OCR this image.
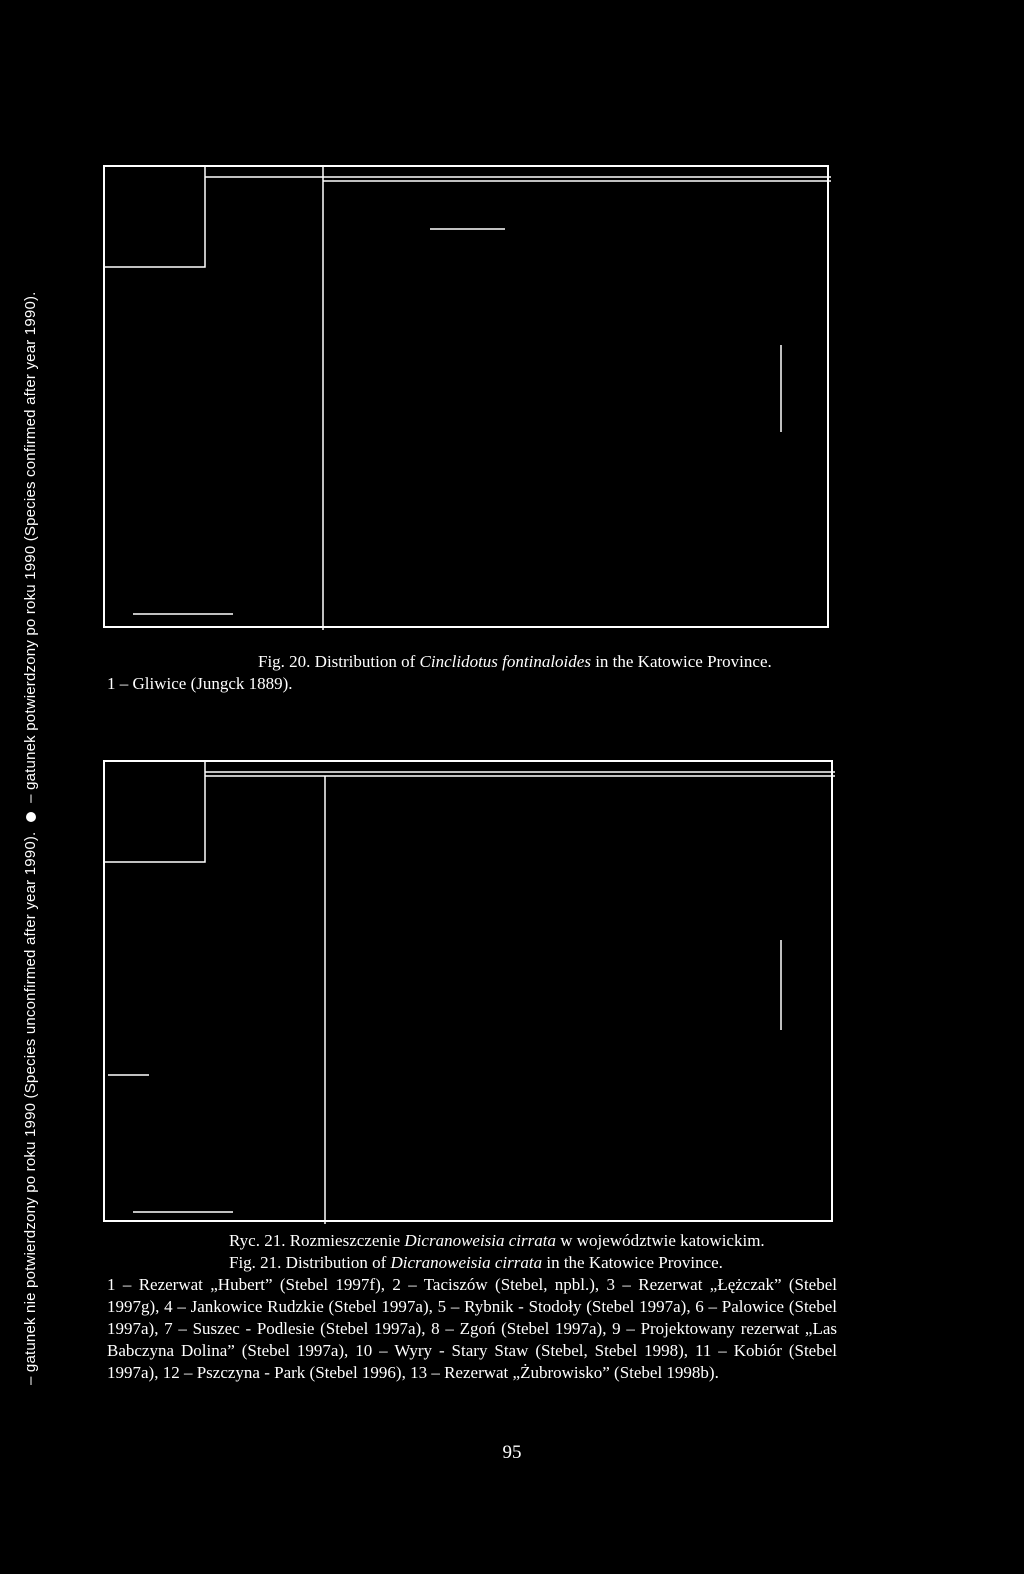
– gatunek nie potwierdzony po roku 1990 (Species unconfirmed after year 1990).  – gatunek potwierdzony po roku 1990 (Species confirmed after year 1990).	Fig. 20. Distribution of Cinclidotus fontinaloides in the Katowice Province.
1 – Gliwice (Jungck 1889).
Ryc. 21. Rozmieszczenie Dicranoweisia cirrata w województwie katowickim.
Fig. 21. Distribution of Dicranoweisia cirrata in the Katowice Province.
1 – Rezerwat „Hubert” (Stebel 1997f), 2 – Taciszów (Stebel, npbl.), 3 – Rezerwat „Łężczak” (Stebel 1997g), 4 – Jankowice Rudzkie (Stebel 1997a), 5 – Rybnik - Stodoły (Stebel 1997a), 6 – Palowice (Stebel 1997a), 7 – Suszec - Podlesie (Stebel 1997a), 8 – Zgoń (Stebel 1997a), 9 – Projektowany rezerwat „Las Babczyna Dolina” (Stebel 1997a), 10 – Wyry - Stary Staw (Stebel, Stebel 1998), 11 – Kobiór (Stebel 1997a), 12 – Pszczyna - Park (Stebel 1996), 13 – Rezerwat „Żubrowisko” (Stebel 1998b).
95
